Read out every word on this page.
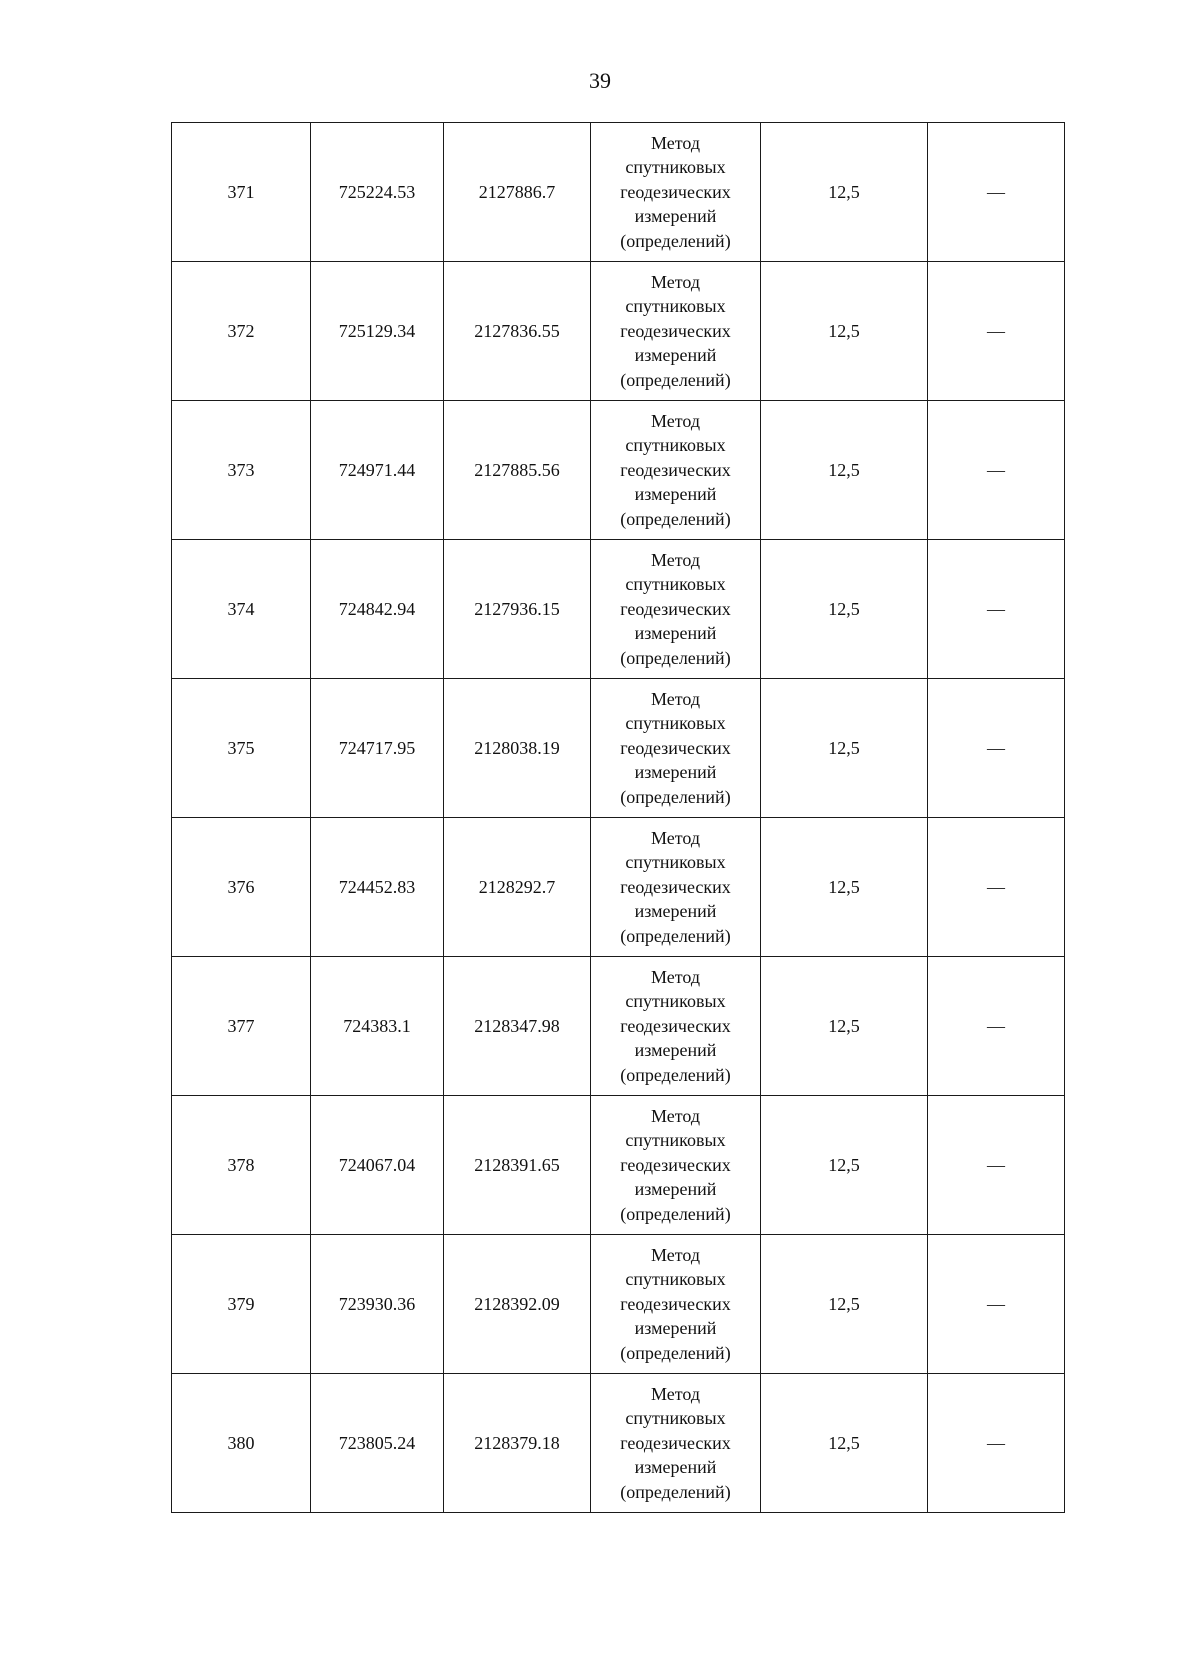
39
371	725224.53	2127886.7	Метод
спутниковых
геодезических
измерений
(определений)	12,5	—
372	725129.34	2127836.55	Метод
спутниковых
геодезических
измерений
(определений)	12,5	—
373	724971.44	2127885.56	Метод
спутниковых
геодезических
измерений
(определений)	12,5	—
374	724842.94	2127936.15	Метод
спутниковых
геодезических
измерений
(определений)	12,5	—
375	724717.95	2128038.19	Метод
спутниковых
геодезических
измерений
(определений)	12,5	—
376	724452.83	2128292.7	Метод
спутниковых
геодезических
измерений
(определений)	12,5	—
377	724383.1	2128347.98	Метод
спутниковых
геодезических
измерений
(определений)	12,5	—
378	724067.04	2128391.65	Метод
спутниковых
геодезических
измерений
(определений)	12,5	—
379	723930.36	2128392.09	Метод
спутниковых
геодезических
измерений
(определений)	12,5	—
380	723805.24	2128379.18	Метод
спутниковых
геодезических
измерений
(определений)	12,5	—
